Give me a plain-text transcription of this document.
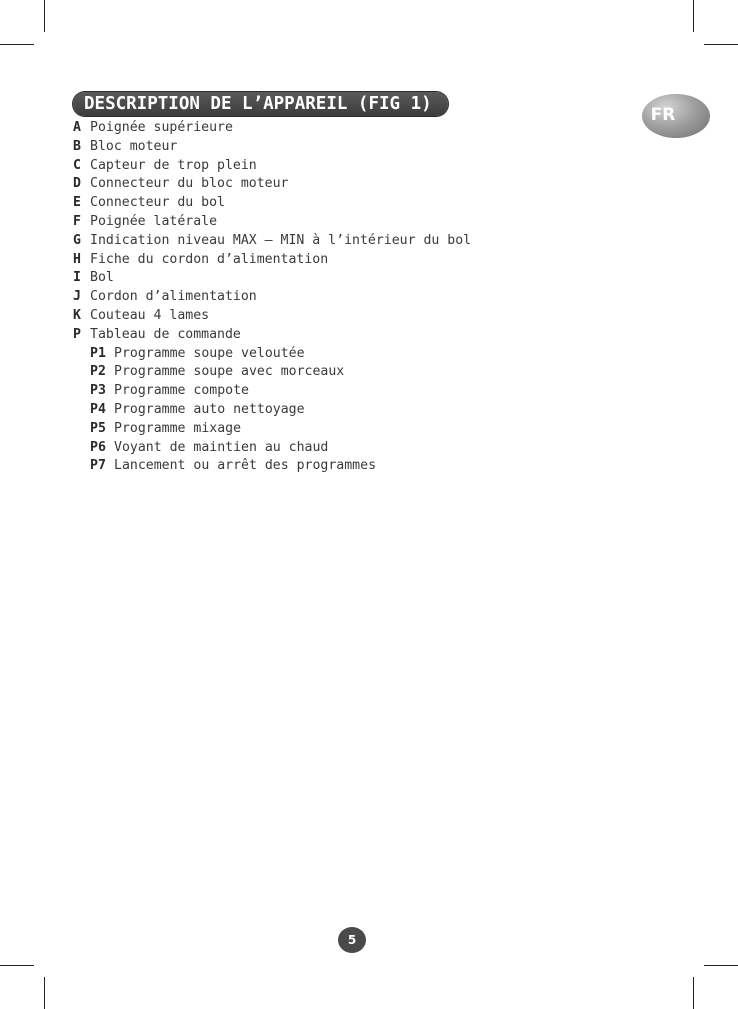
DESCRIPTION DE L’APPAREIL (FIG 1)
FR
A Poignée supérieure
B Bloc moteur
C Capteur de trop plein
D Connecteur du bloc moteur
E Connecteur du bol
F Poignée latérale
G Indication niveau MAX – MIN à l’intérieur du bol
H Fiche du cordon d’alimentation
I Bol
J Cordon d’alimentation
K Couteau 4 lames
P Tableau de commande
P1 Programme soupe veloutée
P2 Programme soupe avec morceaux
P3 Programme compote
P4 Programme auto nettoyage
P5 Programme mixage
P6 Voyant de maintien au chaud
P7 Lancement ou arrêt des programmes
5
